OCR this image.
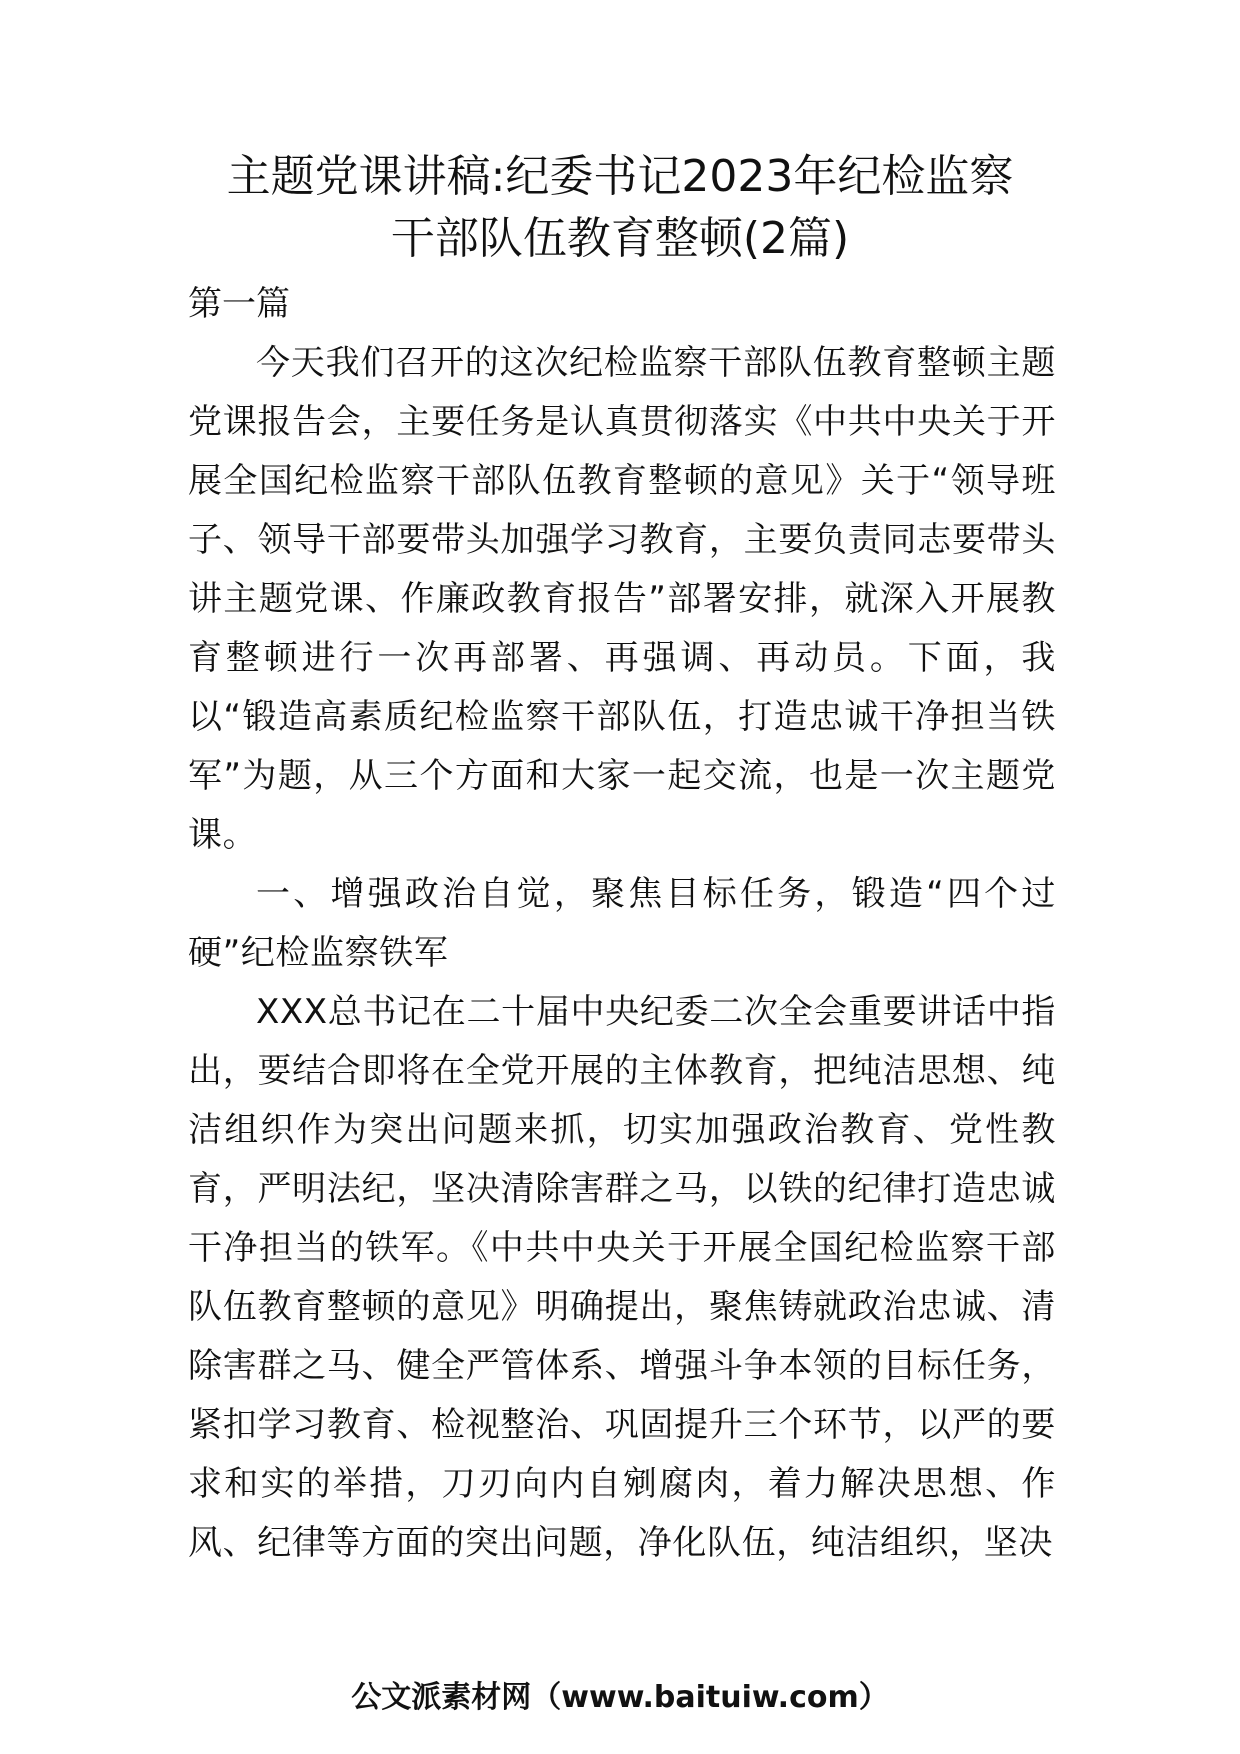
主题党课讲稿:纪委书记2023年纪检监察
干部队伍教育整顿(2篇)

第一篇

今天我们召开的这次纪检监察干部队伍教育整顿主题党课报告会，主要任务是认真贯彻落实《中共中央关于开展全国纪检监察干部队伍教育整顿的意见》关于“领导班子、领导干部要带头加强学习教育，主要负责同志要带头讲主题党课、作廉政教育报告”部署安排，就深入开展教育整顿进行一次再部署、再强调、再动员。下面，我以“锻造高素质纪检监察干部队伍，打造忠诚干净担当铁军”为题，从三个方面和大家一起交流，也是一次主题党课。

一、增强政治自觉，聚焦目标任务，锻造“四个过硬”纪检监察铁军

XXX总书记在二十届中央纪委二次全会重要讲话中指出，要结合即将在全党开展的主体教育，把纯洁思想、纯洁组织作为突出问题来抓，切实加强政治教育、党性教育，严明法纪，坚决清除害群之马，以铁的纪律打造忠诚干净担当的铁军。《中共中央关于开展全国纪检监察干部队伍教育整顿的意见》明确提出，聚焦铸就政治忠诚、清除害群之马、健全严管体系、增强斗争本领的目标任务，紧扣学习教育、检视整治、巩固提升三个环节，以严的要求和实的举措，刀刃向内自剜腐肉，着力解决思想、作风、纪律等方面的突出问题，净化队伍，纯洁组织，坚决

公文派素材网（www.baituiw.com）
